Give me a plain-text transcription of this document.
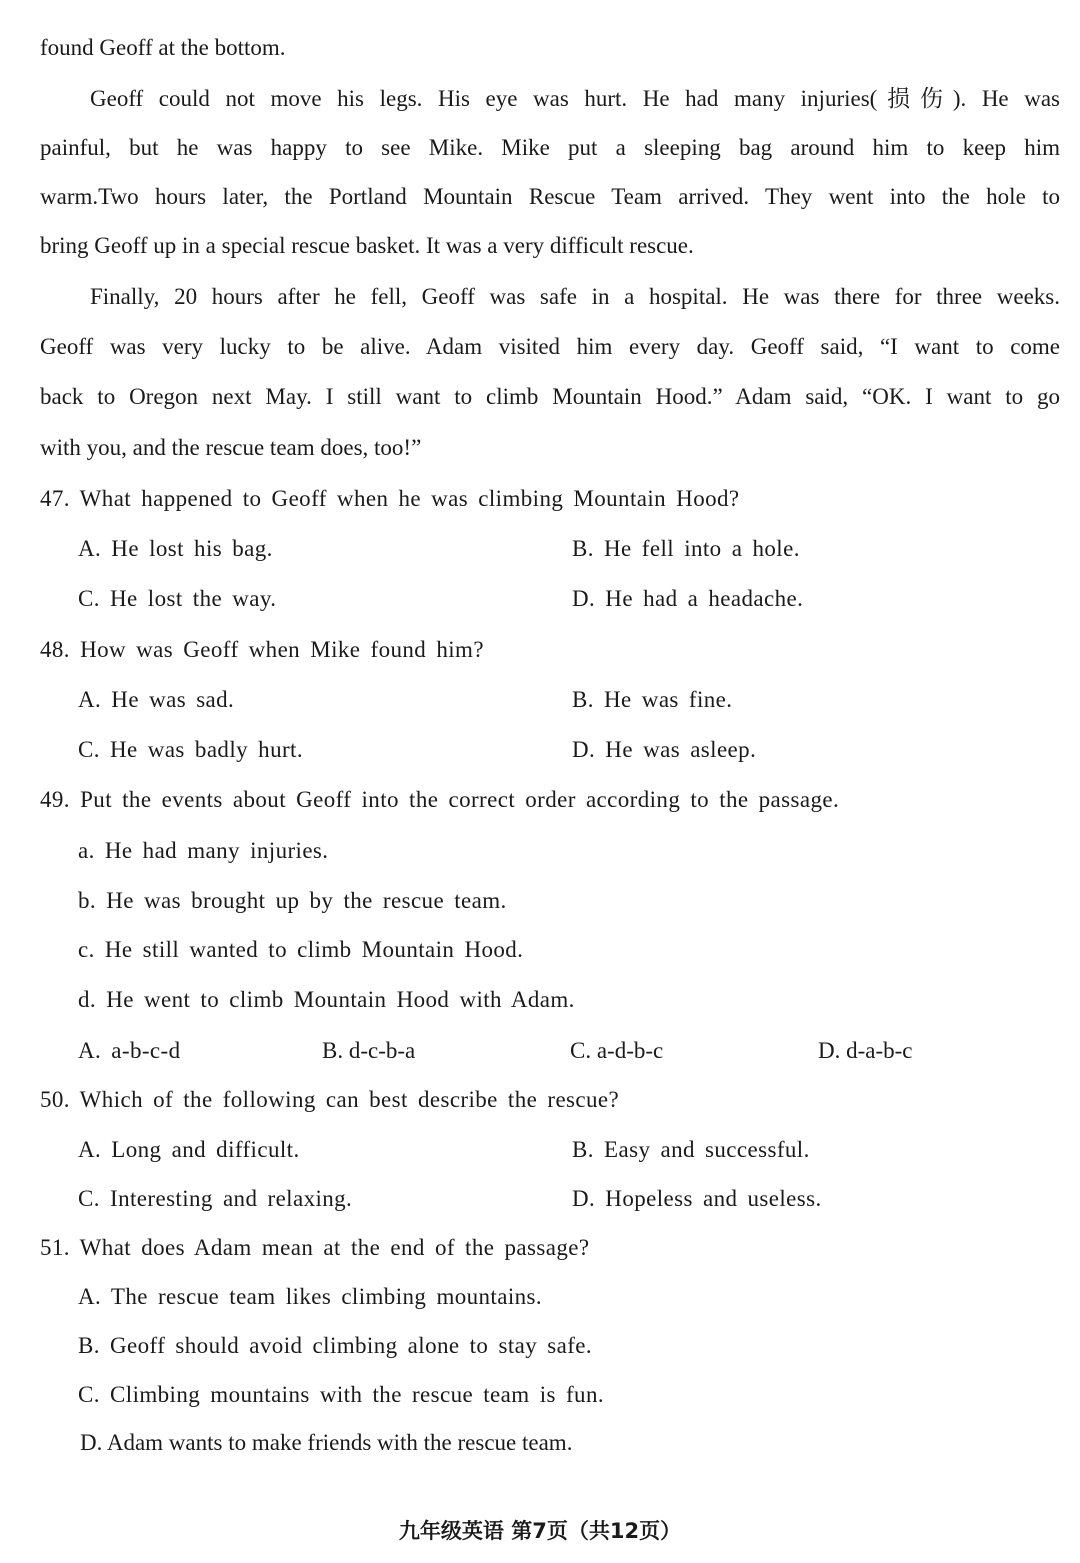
found Geoff at the bottom.
Geoff could not move his legs. His eye was hurt. He had many injuries(损伤). He was
painful, but he was happy to see Mike. Mike put a sleeping bag around him to keep him
warm.Two hours later, the Portland Mountain Rescue Team arrived. They went into the hole to
bring Geoff up in a special rescue basket. It was a very difficult rescue.
Finally, 20 hours after he fell, Geoff was safe in a hospital. He was there for three weeks.
Geoff was very lucky to be alive. Adam visited him every day. Geoff said, “I want to come
back to Oregon next May. I still want to climb Mountain Hood.” Adam said, “OK. I want to go
with you, and the rescue team does, too!”
47. What happened to Geoff when he was climbing Mountain Hood?
A. He lost his bag.	B. He fell into a hole.
C. He lost the way.	D. He had a headache.
48. How was Geoff when Mike found him?
A. He was sad.	B. He was fine.
C. He was badly hurt.	D. He was asleep.
49. Put the events about Geoff into the correct order according to the passage.
a. He had many injuries.
b. He was brought up by the rescue team.
c. He still wanted to climb Mountain Hood.
d. He went to climb Mountain Hood with Adam.
A. a-b-c-d	B. d-c-b-a	C. a-d-b-c	D. d-a-b-c
50. Which of the following can best describe the rescue?
A. Long and difficult.	B. Easy and successful.
C. Interesting and relaxing.	D. Hopeless and useless.
51. What does Adam mean at the end of the passage?
A. The rescue team likes climbing mountains.
B. Geoff should avoid climbing alone to stay safe.
C. Climbing mountains with the rescue team is fun.
D. Adam wants to make friends with the rescue team.
九年级英语 第7页（共12页）
